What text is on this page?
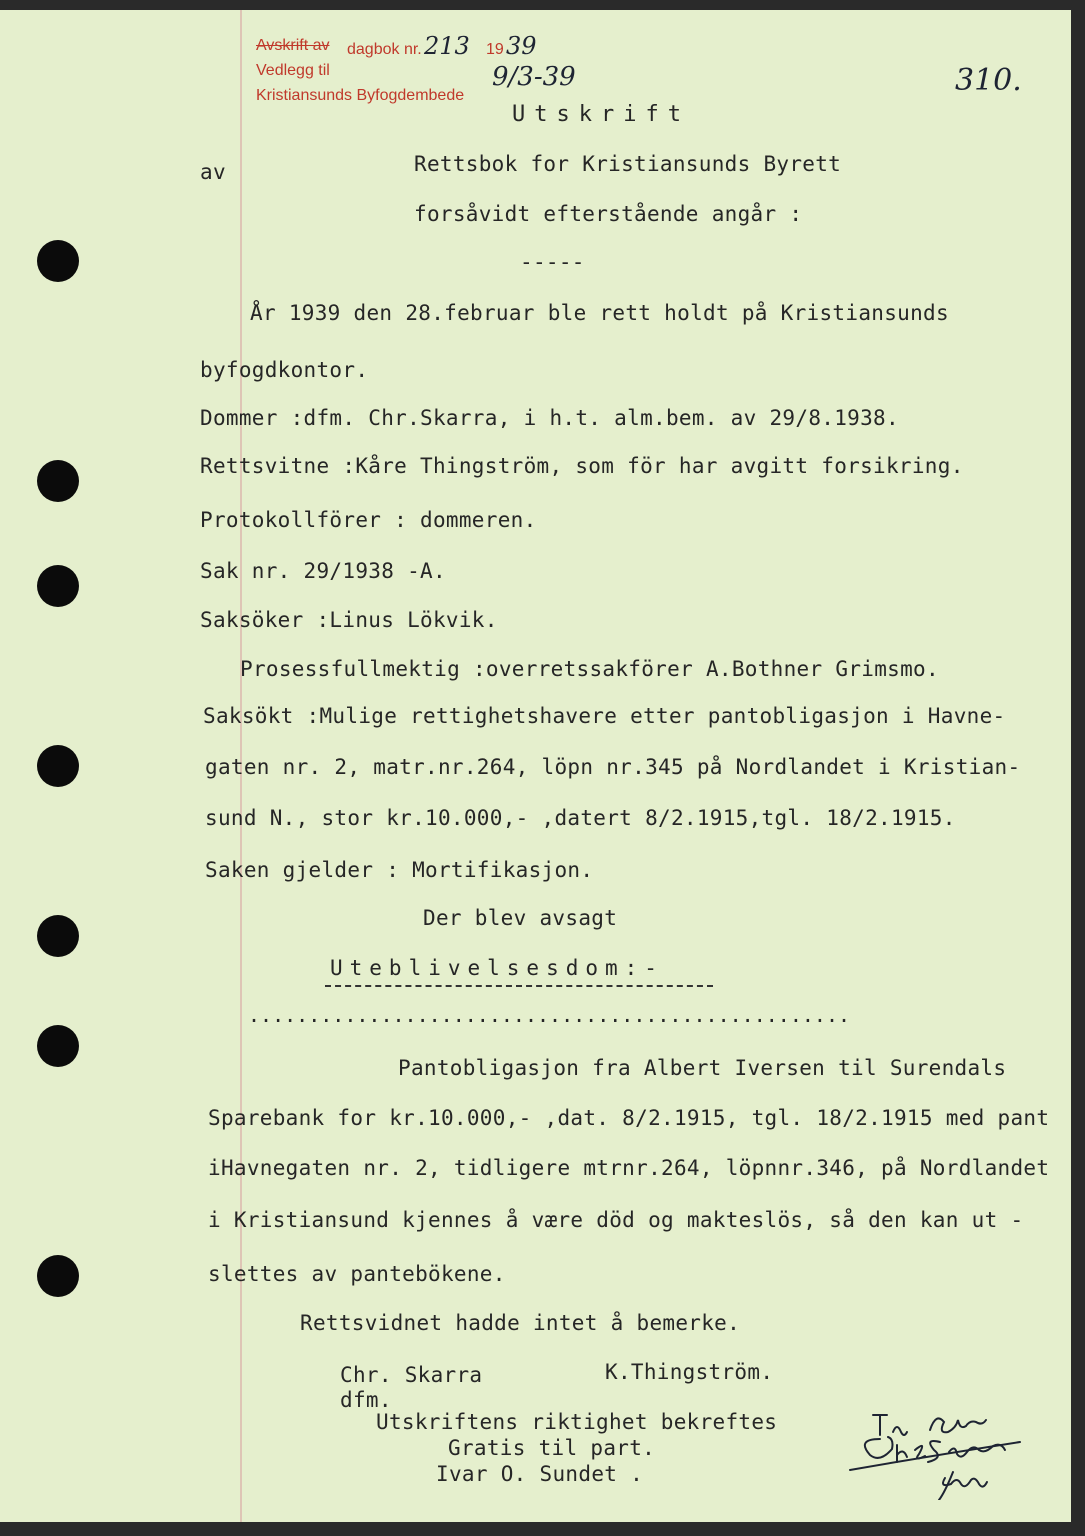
Avskrift av dagbok nr. 213 19 39
Vedlegg til
Kristiansunds Byfogdembede
9/3-39	310.
Utskrift
av	Rettsbok for Kristiansunds Byrett
forsåvidt efterstående angår :
-----
År 1939 den 28.februar ble rett holdt på Kristiansunds
byfogdkontor.
Dommer :dfm. Chr.Skarra, i h.t. alm.bem. av 29/8.1938.
Rettsvitne :Kåre Thingström, som för har avgitt forsikring.
Protokollförer : dommeren.
Sak nr. 29/1938 -A.
Saksöker :Linus Lökvik.
Prosessfullmektig :overretssakförer A.Bothner Grimsmo.
Saksökt :Mulige rettighetshavere etter pantobligasjon i Havne-
gaten nr. 2, matr.nr.264, löpn nr.345 på Nordlandet i Kristian-
sund N., stor kr.10.000,- ,datert 8/2.1915,tgl. 18/2.1915.
Saken gjelder : Mortifikasjon.
Der blev avsagt
Uteblivelsesdom:-
..................................................
Pantobligasjon fra Albert Iversen til Surendals
Sparebank for kr.10.000,- ,dat. 8/2.1915, tgl. 18/2.1915 med pant
iHavnegaten nr. 2, tidligere mtrnr.264, löpnnr.346, på Nordlandet
i Kristiansund kjennes å være död og makteslös, så den kan ut -
slettes av pantebökene.
Rettsvidnet hadde intet å bemerke.
Chr. Skarra	K.Thingström.
dfm.
Utskriftens riktighet bekreftes
Gratis til part.
Ivar O. Sundet .
